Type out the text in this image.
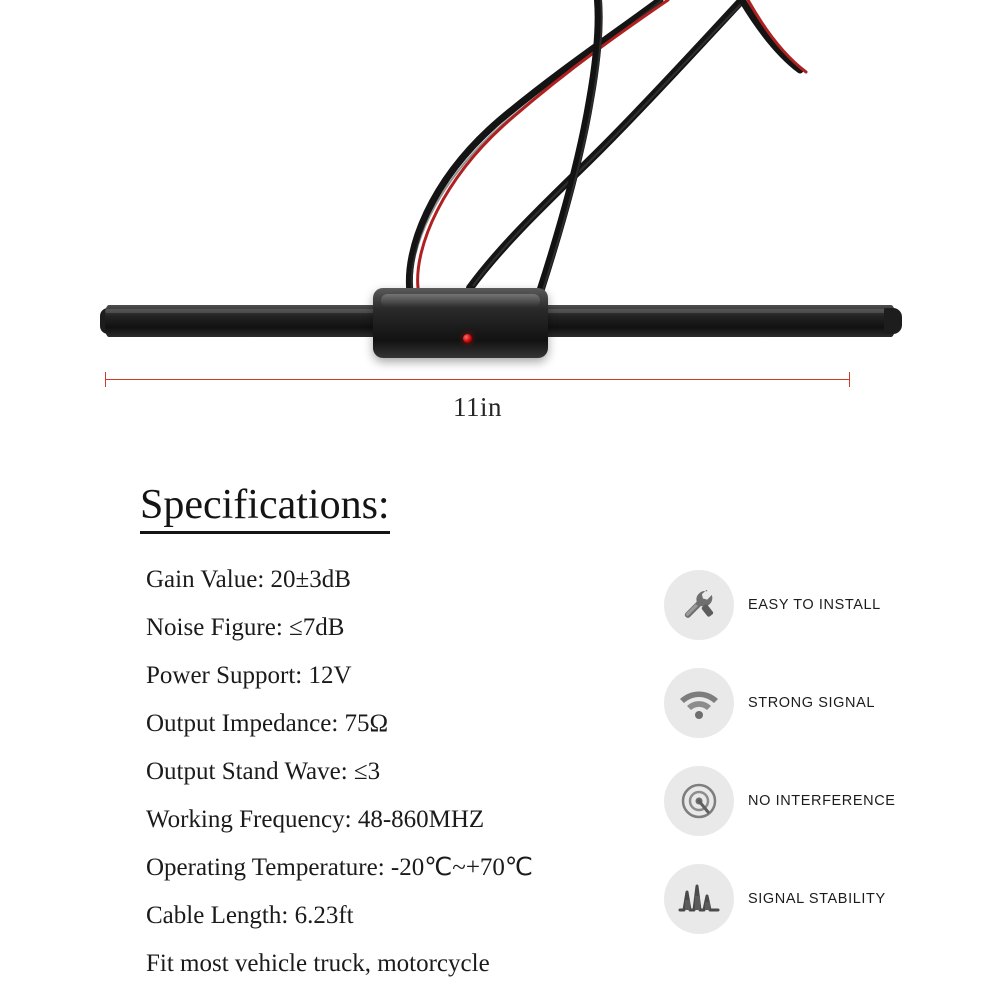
11in
Specifications:
Gain Value: 20±3dB
Noise Figure: ≤7dB
Power Support: 12V
Output Impedance: 75Ω
Output Stand Wave: ≤3
Working Frequency: 48-860MHZ
Operating Temperature: -20℃~+70℃
Cable Length: 6.23ft
Fit most vehicle truck, motorcycle
EASY TO INSTALL
STRONG SIGNAL
NO INTERFERENCE
SIGNAL STABILITY
